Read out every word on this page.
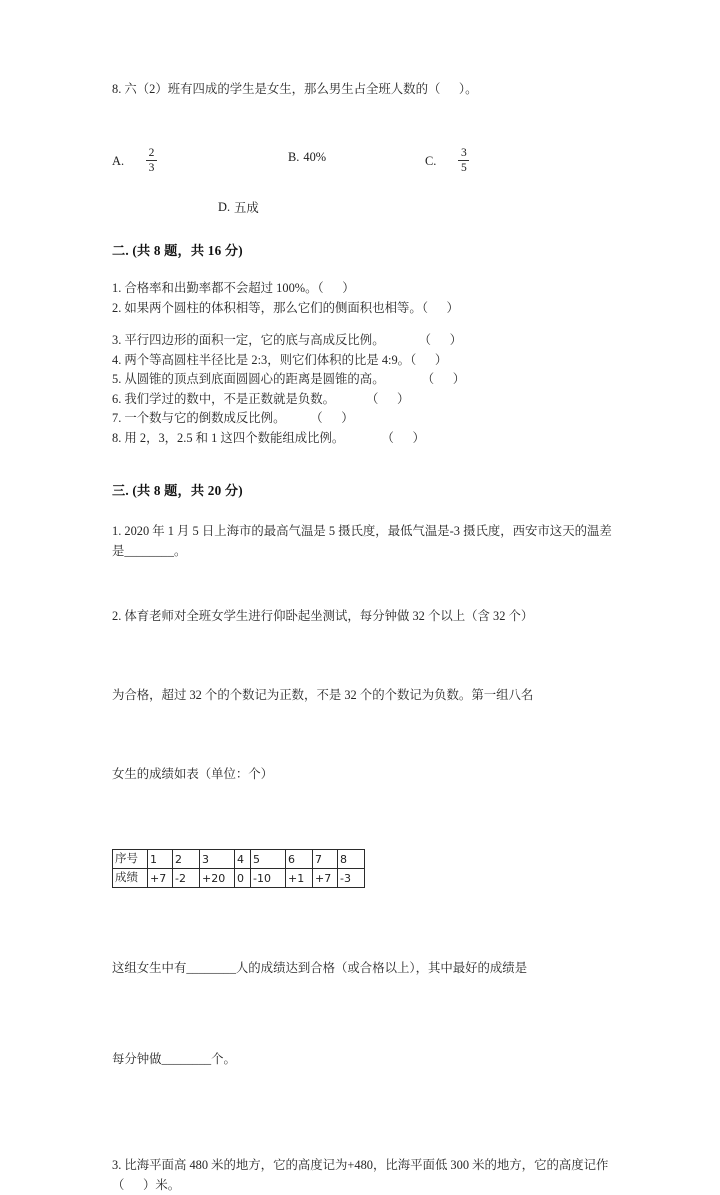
8. 六（2）班有四成的学生是女生，那么男生占全班人数的（      ）。
A. $\frac{2}{3}$	B. 40%	C. $\frac{3}{5}$
D. 五成
二. (共 8 题，共 16 分)
1. 合格率和出勤率都不会超过 100%。（      ）
2. 如果两个圆柱的体积相等，那么它们的侧面积也相等。（      ）
3. 平行四边形的面积一定，它的底与高成反比例。           （      ）
4. 两个等高圆柱半径比是 2:3，则它们体积的比是 4:9。（      ）
5. 从圆锥的顶点到底面圆圆心的距离是圆锥的高。            （      ）
6. 我们学过的数中，不是正数就是负数。          （      ）
7. 一个数与它的倒数成反比例。        （      ）
8. 用 2，3，2.5 和 1 这四个数能组成比例。            （      ）
三. (共 8 题，共 20 分)
1. 2020 年 1 月 5 日上海市的最高气温是 5 摄氏度，最低气温是-3 摄氏度，西安市这天的温差是________。

2. 体育老师对全班女学生进行仰卧起坐测试，每分钟做 32 个以上（含 32 个）

为合格，超过 32 个的个数记为正数，不是 32 个的个数记为负数。第一组八名

女生的成绩如表（单位：个）

序号	1	2	3	4	5	6	7	8
成绩	+7	-2	+20	0	-10	+1	+7	-3

这组女生中有________人的成绩达到合格（或合格以上），其中最好的成绩是

每分钟做________个。

3. 比海平面高 480 米的地方，它的高度记为+480，比海平面低 300 米的地方，它的高度记作（      ）米。
